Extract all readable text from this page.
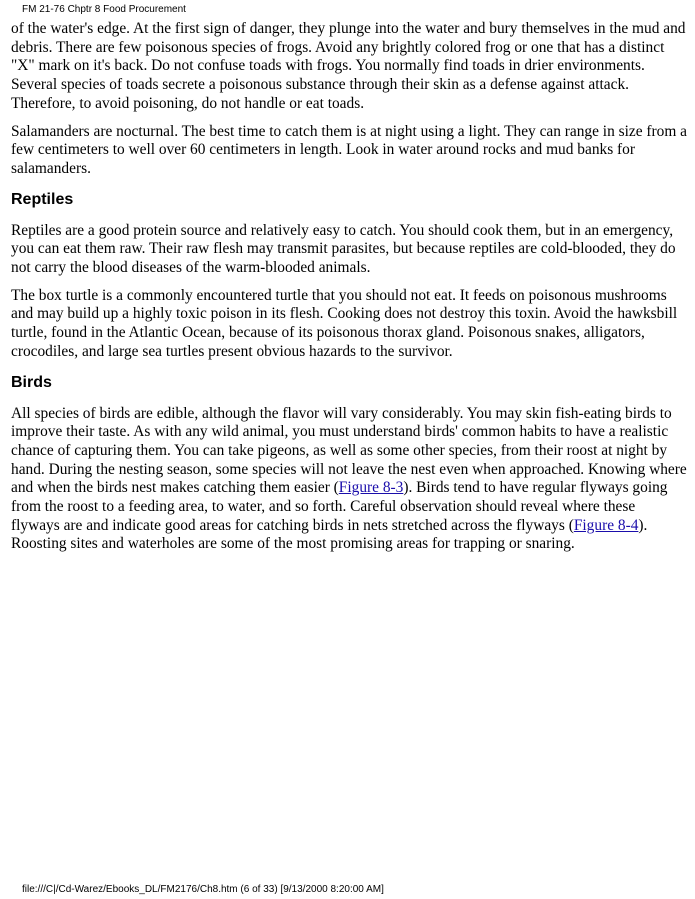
FM 21-76 Chptr 8 Food Procurement

of the water's edge. At the first sign of danger, they plunge into the water and bury themselves in the mud and debris. There are few poisonous species of frogs. Avoid any brightly colored frog or one that has a distinct "X" mark on it's back. Do not confuse toads with frogs. You normally find toads in drier environments. Several species of toads secrete a poisonous substance through their skin as a defense against attack. Therefore, to avoid poisoning, do not handle or eat toads.

Salamanders are nocturnal. The best time to catch them is at night using a light. They can range in size from a few centimeters to well over 60 centimeters in length. Look in water around rocks and mud banks for salamanders.

Reptiles

Reptiles are a good protein source and relatively easy to catch. You should cook them, but in an emergency, you can eat them raw. Their raw flesh may transmit parasites, but because reptiles are cold-blooded, they do not carry the blood diseases of the warm-blooded animals.

The box turtle is a commonly encountered turtle that you should not eat. It feeds on poisonous mushrooms and may build up a highly toxic poison in its flesh. Cooking does not destroy this toxin. Avoid the hawksbill turtle, found in the Atlantic Ocean, because of its poisonous thorax gland. Poisonous snakes, alligators, crocodiles, and large sea turtles present obvious hazards to the survivor.

Birds

All species of birds are edible, although the flavor will vary considerably. You may skin fish-eating birds to improve their taste. As with any wild animal, you must understand birds' common habits to have a realistic chance of capturing them. You can take pigeons, as well as some other species, from their roost at night by hand. During the nesting season, some species will not leave the nest even when approached. Knowing where and when the birds nest makes catching them easier (Figure 8-3). Birds tend to have regular flyways going from the roost to a feeding area, to water, and so forth. Careful observation should reveal where these flyways are and indicate good areas for catching birds in nets stretched across the flyways (Figure 8-4). Roosting sites and waterholes are some of the most promising areas for trapping or snaring.

file:///C|/Cd-Warez/Ebooks_DL/FM2176/Ch8.htm (6 of 33) [9/13/2000 8:20:00 AM]
